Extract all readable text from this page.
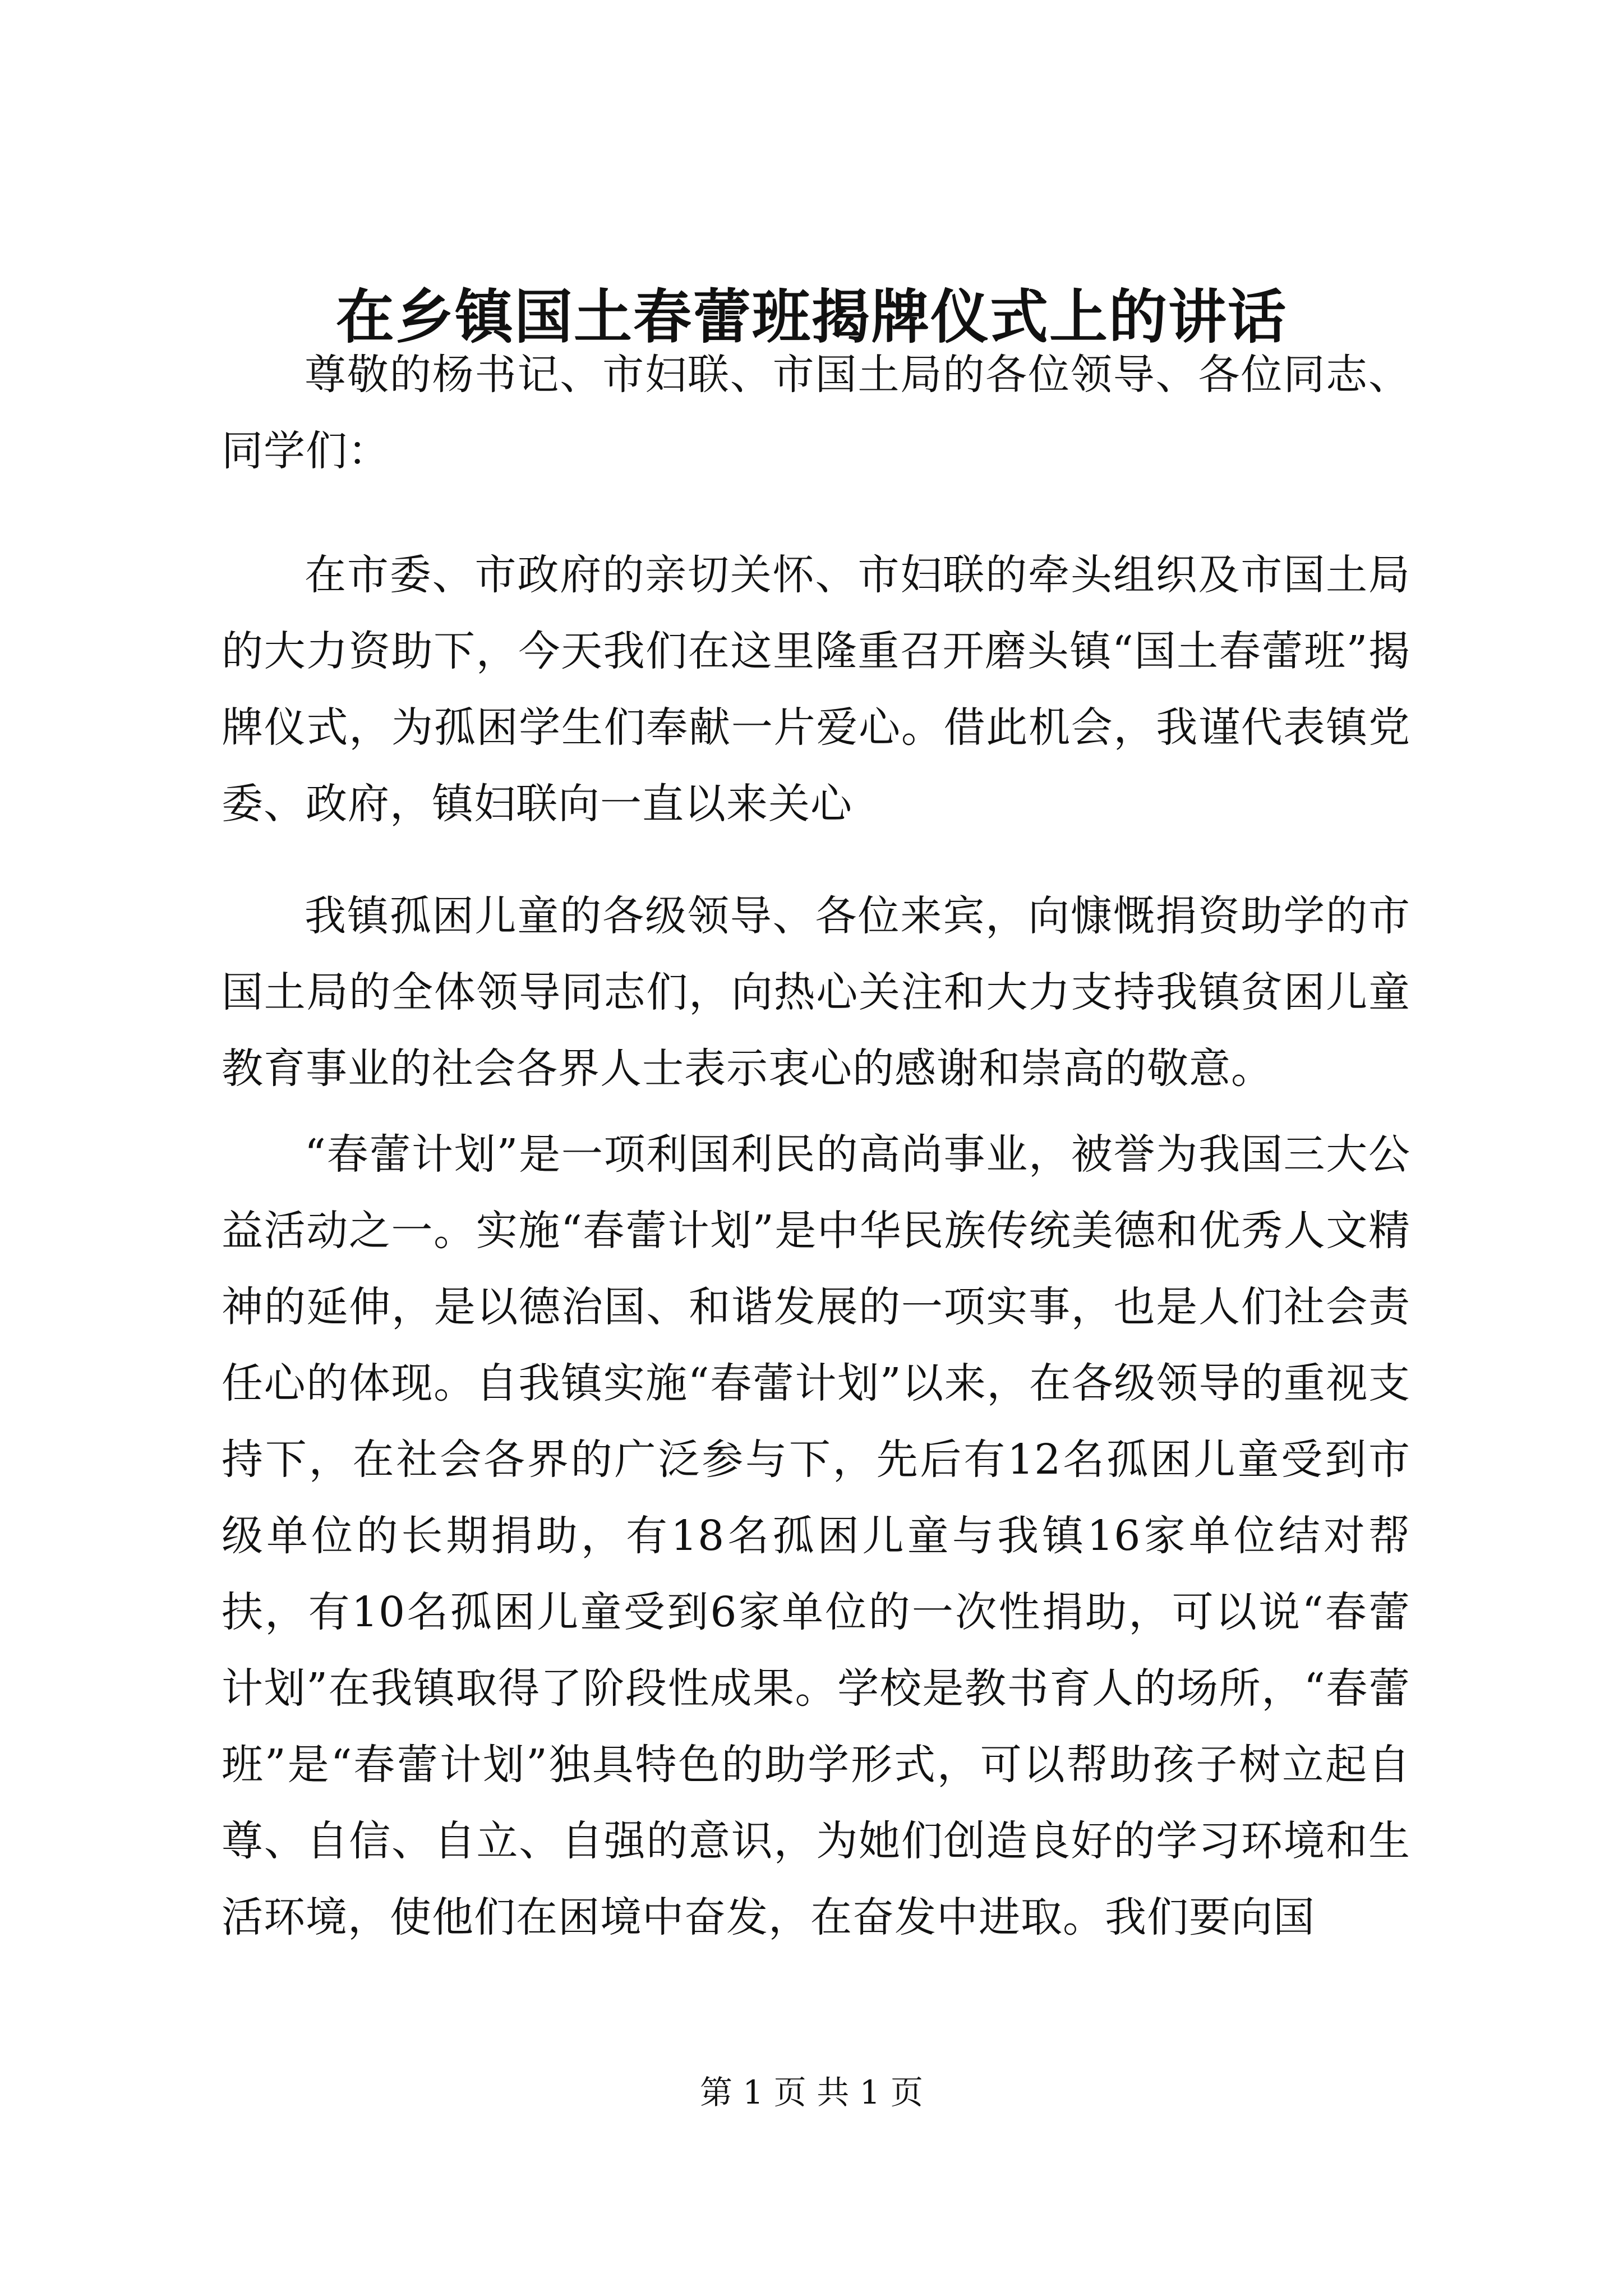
在乡镇国土春蕾班揭牌仪式上的讲话

尊敬的杨书记、市妇联、市国土局的各位领导、各位同志、同学们：

在市委、市政府的亲切关怀、市妇联的牵头组织及市国土局的大力资助下，今天我们在这里隆重召开磨头镇“国土春蕾班”揭牌仪式，为孤困学生们奉献一片爱心。借此机会，我谨代表镇党委、政府，镇妇联向一直以来关心

我镇孤困儿童的各级领导、各位来宾，向慷慨捐资助学的市国土局的全体领导同志们，向热心关注和大力支持我镇贫困儿童教育事业的社会各界人士表示衷心的感谢和崇高的敬意。

“春蕾计划”是一项利国利民的高尚事业，被誉为我国三大公益活动之一。实施“春蕾计划”是中华民族传统美德和优秀人文精神的延伸，是以德治国、和谐发展的一项实事，也是人们社会责任心的体现。自我镇实施“春蕾计划”以来，在各级领导的重视支持下，在社会各界的广泛参与下，先后有12名孤困儿童受到市级单位的长期捐助，有18名孤困儿童与我镇16家单位结对帮扶，有10名孤困儿童受到6家单位的一次性捐助，可以说“春蕾计划”在我镇取得了阶段性成果。学校是教书育人的场所，“春蕾班”是“春蕾计划”独具特色的助学形式，可以帮助孩子树立起自尊、自信、自立、自强的意识，为她们创造良好的学习环境和生活环境，使他们在困境中奋发，在奋发中进取。我们要向国

第 1 页 共 1 页
